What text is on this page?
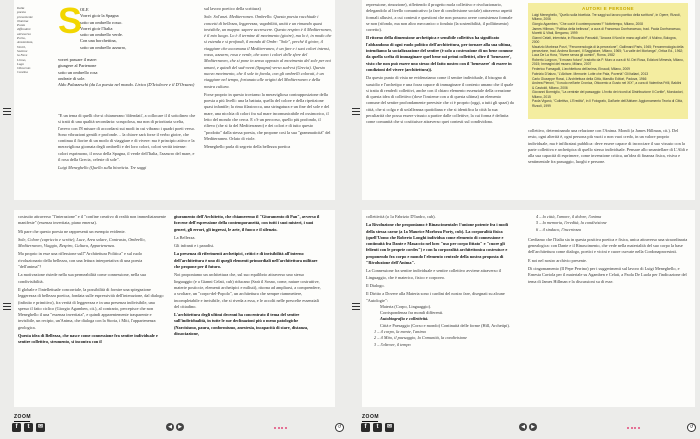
Italia
poesia
proveniente
illumina
Punta
diffondere
attraverso
Porta,
Amsterdam,
Ventri,
Sezione
la Fara
Uomo,
Lago
Ottocento
Cantina
S
OLE
Vorrei gioir la Spagna
sotto un ombrello rosso.
Vorrei gioir l'Italia
sotto un ombrello verde.
Con una borchettina,
sotto un ombrello azzurro,
vorrei passare il mare:
giungere al Partenone
sotto un ombrello rosa
ondeate di sole.
Aldo Palazzeschi (da La poesia nel mondo. Lirica (D'Iciolecre e il D'Orsano)

"E un tema di quelli che si chiamerano 'difendati', a collocare il il sottolineo che si tratti di una qualità secondaria: scrupolosa, ma non di prioritaria scelta, l'avevo con l'8 misure di accordarsi sui modi in cui vibrano i quadri poeti verso. Sono vibrazioni gentili e profonde… la chiave sarà forse il verbo gioire, che continua il fiorire di un modo di viaggiare e di vivere: ma è principio attivo e la meravigliosa giornata degli ombrelli e dei loro colori, colori verità intense: colori esprimono, il rosso della Spagna, il verde dell'Italia, l'azzurro del mare, e il rosa della Grecia, celeste di sole".

Luigi Meneghello (Quello sulla bioeticia. Tre saggi

sul lavoro poetico della scrittura)

Sole. Sol'anzi. Mediterraneo. Ombrello. Questa poesia racchiude i concetti di bellezza, leggerezza, vagabilità, unità e un rimando quasi invisibile, un mappa: sapere accrescere. Questo respiro è il Mediterraneo, è il mio luogo. Lo è il termine di movimento (gioire), ma lo è, in modo che si estenda e si profondi, il mondo di Ombr: "Sole", perché il gioire, il viaggiare che accomuna il Mediterraneo, è un fare e i suoi colori intensi, rosso, azzurro, rosa e verde, che sono i colori delle sfere del Mediterraneo, che si pone in senso opposto al movimento del sole per noi umani, e quindi del sud-ovest (Spagna) verso sud-est (Grecia). Questo nuovo movimento, che il sole in favola, con gli ombrelli colorati, è un viaggiare nel tempo, fortunato alle origini del Mediterraneo e della nostra cultura.

Forse proprio in questo troviamo la meravigliosa contrapposizione della poesia a più livelli: una la battuta, quella del colore e della ripetizione quasi infantile; la rima filastrocca, una stringatura e un fine del sole e del mare, una nicchia di colori fra sul mare incomunicabile ed ossimorico, il letto del mondo che cerca. E c'è un percorso, quello più profondo, il rilievo (che si fa del Mediterraneo) e dei colori e di tutto questo "prodotto" dalla stessa poesia, che propone così la sua "grammaticità" del Mediterraneo. Orlato di viole.

Meneghello parla di segreto della bellezza poetica

repressione, rimozione), riflettendo il progetto mola collettivo e rivoluzionario, delegandolo al livello comunicativo (a fare di condivisione sociale) attraverso aspetti formali allusivi, a cui contesti e questioni che non possono avere consistenza formale se non (rifondo, ma non altro meccanico o fondato (la sostenibilità, il pollitimento) corretto).

Il ritorno della dimensione archetipica e sensibile collettiva ha significato l'abbandono di ogni ruolo politico dell'architettura, per tornare alla sua ultima, intendiamo la socializzazione del sentire (è solo a costruzione di un bene comune da quella scelta di immaginare quel bene sui primi collettivi, oltre il 'benessere', visto che non può essere uno stesso del fatto nostro con il 'benessere' di essere in condizioni del vivere (architettura)).

Da questo punto di vista ne evidenziamo come il sentire individuale, il bisogno di sussidio e l'archetipo e una forza capace di immaginare il contesto umano che il quale si tratta di renderli collettivi, anche con il chiaro elemento essenziale della creazione di questa idea di collettivo (dove l'insieme con a di questa ultima) un elemento comune del sentire profondamente preesiste che ci è proprio (oggi, a tutti gli spazi) da città, che si colga e di un'alleanza quotidiana e che si identifica la città la sua peculiarità che possa essere vissuto a partire dalle collettive, la cui forma è definita come comunità che si costituisce attraverso quei contesti sul condividono.

AUTORI E PERSONE
Luigi Meneghello, "Quello sulla bioeticia. Tre saggi sul lavoro poetico della scrittura", in Opere, Rizzoli, Milano, 2006
Giorgio Agamben, "Che cos'è il contemporaneo?" Nottetempo, Milano, 2008
James Hillman, "Politica della bellezza", a cura di Francesco Donfrancesco, trad. Paola Donfrancesco, Moretti & Vitali, Bergamo, 1999
Gianni Celati, intervista, in Riccardo Pancaldi, "Ancora il Nord in mano agli altri", il Mulino, Bologna, 2000
Maurizio Morbeza Porzi, "Fenomenologia di la percezione", Gallimard Paris, 1945; Fenomenologia della percezione, trad. Andrea Bonomi, Il Saggiatore, Milano, 1965; "La valle del Morlanga", Ortica Ed., 1962; Luca De La Hora, "Vivere senza gli uomini", Roma, 1982
Roberto Lorgnon, "Il museo futuro", tradotto da P. Muro a cura di M. Dei Rosa, Edizioni Mimesis, Milano, 2015; Immagini del museo, Milano, 2007
Federico Fumagalli, L'architettura dell'anima, Einaudi, Milano, 2009
Fabrizio D'Iabzo, "L'Abitare. Memorie: Lotte che Pala, Povertà" Gli Italiani, 2013
Carlo Giuseppe Rossi, L'Architettura della Città, Marsilio Editori, Padova, 1966
Andrea Pieroni, "Il crudo nell'arte Cronica, Ottocento a Gusto nel XIX", a cura di Valentina Frilli, Baldini & Castoldi, Milano, 2006
Giovanni Bormiglio, "La centrale del passaggio: L'invito dei ricordi al Distribuzione Il Cortile", Mondadori, Milano, 2015
Paola Viganò, "Collettivo, L'Eredità", in Il Fotografo, Dall'arte dell'Abitare: Aggiornamento Teoria di Città, Rizzoli, 1999

collettivo, determinando una relazione con l'Anima. Mondi (a James Hillman, cit.). Del resto, ogni alterità è, ogni persona più vuoti o non vuoi credo, in un valore proprio individuale, ma è infiltratasi pubblica: deve essere capace di incrociare il suo vissuto con la parte collettiva e archetipica di quello stesso individuale. Pensare allo smantellare di L'Aldi e alla sua capacità di esprimere, come invenzione critica, un'idea di finanza fisica, visiva e sentimentale fra passaggio, luoghi e persone.

costruito attraverso "l'interazione" e il "confine creativo di realtà non immediatamente manifeste" (essenza invertiata, piano emersa).

Mi pare che questo poesia ne rappresenti un esempio evidente.

Sole, Colore (capriccio e scritte), Luce, Area solare, Contrasto, Ombrello, Mediterraneo, Viaggio, Respiro, Cultura, Appartenenza.

Ma proprio in esse una riflessione sull'"Architettura Politica" e sul ruolo rivoluzionario della bellezza, con una lettura interpretativa di una poesia "dell'anima"?

La motivazione risiede nella sua permeabilità come connessione, nella sua condivisibilità.

Il globale e l'intellettuale concorriale, la possibilità di fornire una spiegazione leggerezza di bellezza poetica, fondata sulle espressività dell'interazione, dal dialogo (infinito e primitivo), fra verità di leggerezza e in una presenza indivisibile, una spesso il fatto ciclico (Giorgio Agamben, cit.), al contrario, percepisce che non Meneghello il una "essenza invertiata", e quindi apparentemente trasparente e invisibile, un recipio, un'Anima, che dialoga con la Storia, i Miti, l'appartenenza geologica.

Questa idea di Bellezza, che nasce come connessione fra sentire individuale e sentire collettivo, strumento, si incontra con il

giuramento dell'Architetto, che chiameremo il "Giuramento di Pan", avverso il forcene dell'espressione della contemporaneità, con tutti i suoi misteri, i suoi generi, gli errori, gli ingressi, le arte, il fuoco e il silenzio.

La Bellezza.

Gli infranti e i paradisi.

La presenza di riferimenti archetipici, critici e di invisibilità all'interno dell'architettura è uno di quegli elementi primordiali nell'architettura militare che propone per il futuro.

Noi proponiamo un architettura che, sul suo equilibrio attraverso uno stesso linguaggio (e a Gianni Celati, cub) riducano (Sarà il Sosno, come, nature costruttive, materie posticcie, elementi archetipici e miliuti), ritorna ad ampliarsi, a comprendere, a svoltare, un "corpo-del-Popolo", un architettura che sempre riammettere, incompletabile e invisibile, che si riveda a essa, e le accolti nelle prescelte essenziali del cittadino.

L'architettura degli ultimi decenni ha concentrato il tema del sentire sull'individualità, in tutte le sue declinazioni più o meno patologiche (Narcisismo, paura, conformismo, anestesia, incapacità di stare, distanza, dissociazione,

collettività (a 1a Fabrizio D'Iardro, cub).

La Rivoluzione che proponiamo è Rinascimentale: l'unione potente fra i modi della stessa carne (a 1a Maurice Morbeza Porty, cub). La corporalità fisica (quell'Uomo che Roberto Longhi individua come elemento di connessione e continuità fra Dante e Masaccio nel loro "uso per corpo fittato" e "cuore gli felienti con le proprie cordes") e con la corporalità architettonica costruisce e proponendo fra corpo e mondo l'elemento centrale della nostra proposta di "Rivoluzione dell'Anima".

La Connessione fra sentire individuale e sentire collettivo avviene attraverso il Linguaggio, che è materico, fisico e corporeo.

Il Dialogo.

Il Diritto a Dovere alla Materia sono i cardini del nostro fare, disegnati su alcune "Autologie":

Materia (Corpo, Linguaggio).
Corrispondenza fra mondi differenti.
Autobiografia e collettività.
Città e Paesaggio (Corso e mondo) Continuità delle forme (Hill, Archetipi).
1 – il corpo, la mente, l'anima
2 – il Mito, il paesaggio, la Comunità, la condivisione
3 – l'altrove, il tempo
4 – la città, l'amore, il dolore, l'anima
5 – la memoria, l'eredità, la condivisione
6 – il sindaco, l'incertezza

Crediamo che l'Italia sia in questa positiva poetica e fisica, unica attraverso una straordinaria genealogica: con Dante e il Rinascimento, che vede nella materialità del suo corpo la base dell'architettura come dialogo, poetici e vicini e cuore curvate nella Cordonaproresinti.

E noi nel nostro archivio presente.

Di cingomamento (Il Pepe Perrino) per i suggerimenti sul lavoro di Luigi Meneghello, e Ernesta Caviola per il materiale su Agamben e Celati, a Paola De Luola per l'indicazione del tema di James Hillman e la discussioni su di esse.

ZOOM
f	t	✉	◀	▶	↺
ZOOM
f	t	✉	◀	▶	↺
